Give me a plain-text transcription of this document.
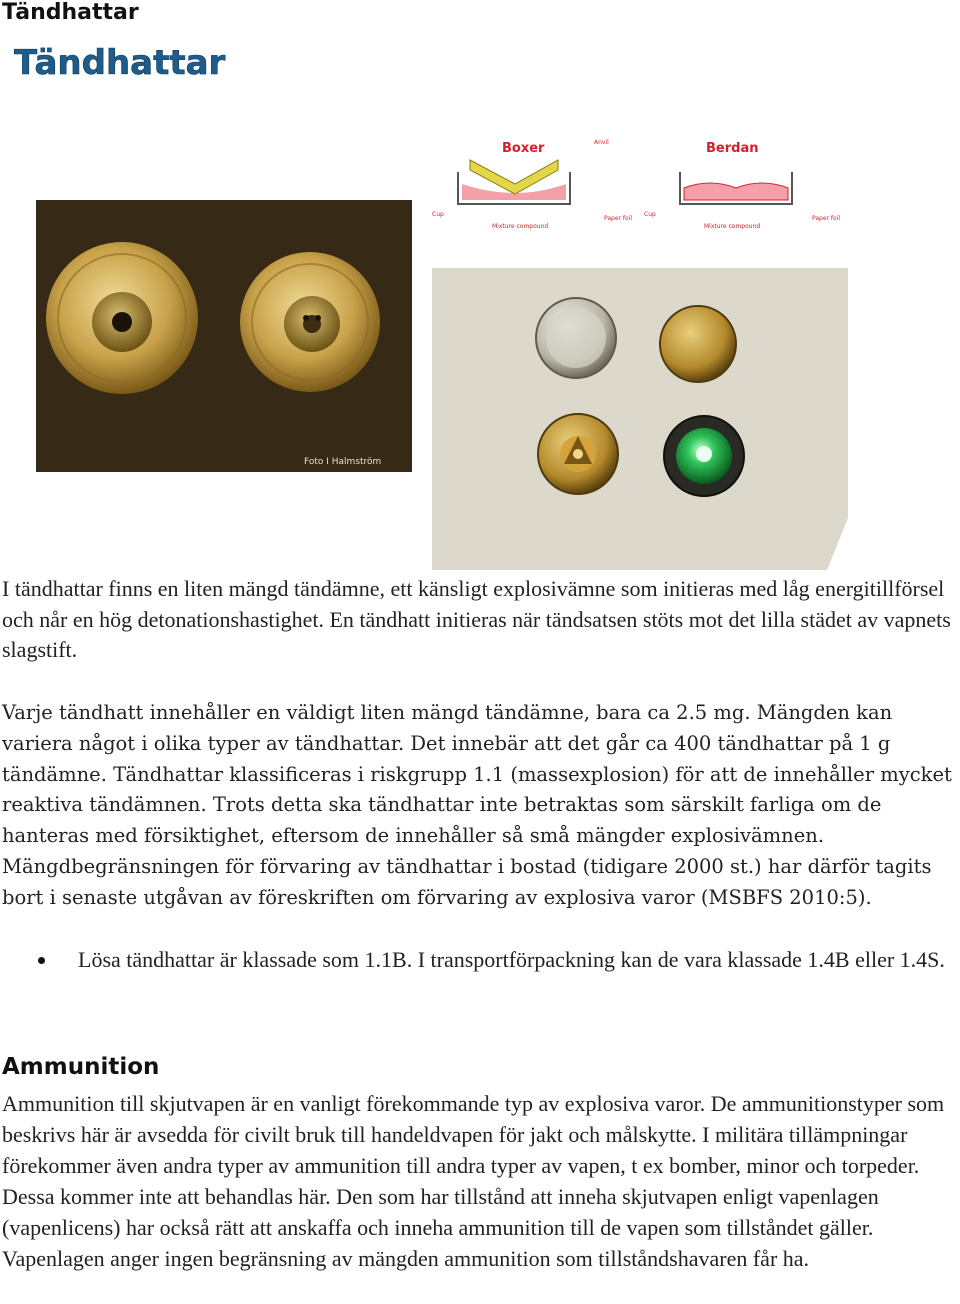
Tändhattar
Tändhattar
Boxer	Anvil
Cup
Mixture compound
Paper foil
Berdan
Cup
Mixture compound
Paper foil
Foto I Halmström

I tändhattar finns en liten mängd tändämne, ett känsligt explosivämne som initieras med låg energitillförsel och når en hög detonationshastighet. En tändhatt initieras när tändsatsen stöts mot det lilla städet av vapnets slagstift.

Varje tändhatt innehåller en väldigt liten mängd tändämne, bara ca 2.5 mg. Mängden kan variera något i olika typer av tändhattar. Det innebär att det går ca 400 tändhattar på 1 g tändämne. Tändhattar klassificeras i riskgrupp 1.1 (massexplosion) för att de innehåller mycket reaktiva tändämnen. Trots detta ska tändhattar inte betraktas som särskilt farliga om de hanteras med försiktighet, eftersom de innehåller så små mängder explosivämnen. Mängdbegränsningen för förvaring av tändhattar i bostad (tidigare 2000 st.) har därför tagits bort i senaste utgåvan av föreskriften om förvaring av explosiva varor (MSBFS 2010:5).

Lösa tändhattar är klassade som 1.1B. I transportförpackning kan de vara klassade 1.4B eller 1.4S.
Ammunition

Ammunition till skjutvapen är en vanligt förekommande typ av explosiva varor. De ammunitionstyper som beskrivs här är avsedda för civilt bruk till handeldvapen för jakt och målskytte. I militära tillämpningar förekommer även andra typer av ammunition till andra typer av vapen, t ex bomber, minor och torpeder. Dessa kommer inte att behandlas här. Den som har tillstånd att inneha skjutvapen enligt vapenlagen (vapenlicens) har också rätt att anskaffa och inneha ammunition till de vapen som tillståndet gäller. Vapenlagen anger ingen begränsning av mängden ammunition som tillståndshavaren får ha.
